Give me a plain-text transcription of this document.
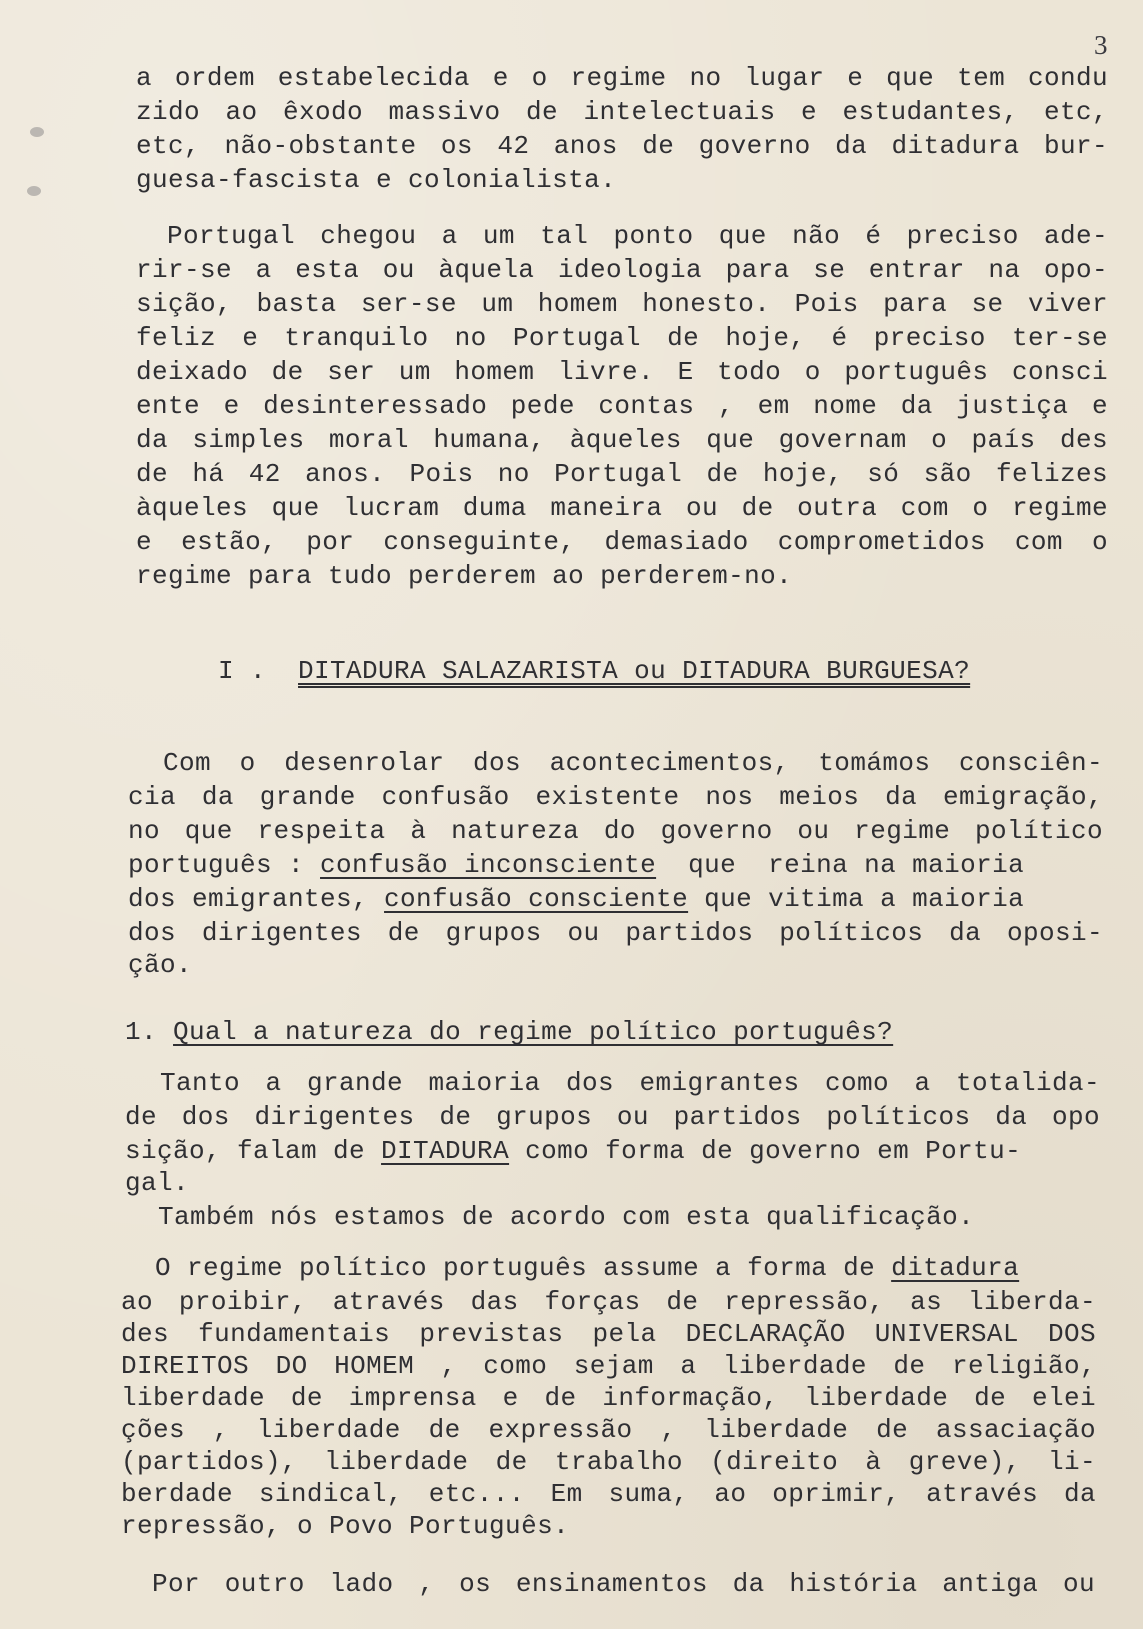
3
a ordem estabelecida e o regime no lugar e que tem condu
zido ao êxodo massivo de intelectuais e estudantes, etc,
etc, não-obstante os 42 anos de governo da ditadura bur-
guesa-fascista e colonialista.
Portugal chegou a um tal ponto que não é preciso ade-
rir-se a esta ou àquela ideologia para se entrar na opo-
sição, basta ser-se um homem honesto. Pois para se viver
feliz e tranquilo no Portugal de hoje, é preciso ter-se
deixado de ser um homem livre. E todo o português consci
ente e desinteressado pede contas , em nome da justiça e
da simples moral humana, àqueles que governam o país des
de há 42 anos. Pois no Portugal de hoje, só são felizes
àqueles que lucram duma maneira ou de outra com o regime
e estão, por conseguinte, demasiado comprometidos com o
regime para tudo perderem ao perderem-no.
I . DITADURA SALAZARISTA ou DITADURA BURGUESA?
Com o desenrolar dos acontecimentos, tomámos consciên-
cia da grande confusão existente nos meios da emigração,
no que respeita à natureza do governo ou regime político
português : confusão inconsciente  que  reina na maioria
dos emigrantes, confusão consciente que vitima a maioria
dos dirigentes de grupos ou partidos políticos da oposi-
ção.
1. Qual a natureza do regime político português?
Tanto a grande maioria dos emigrantes como a totalida-
de dos dirigentes de grupos ou partidos políticos da opo
sição, falam de DITADURA como forma de governo em Portu-
gal.
Também nós estamos de acordo com esta qualificação.
O regime político português assume a forma de ditadura
ao proibir, através das forças de repressão, as liberda-
des fundamentais previstas pela DECLARAÇÃO UNIVERSAL DOS
DIREITOS DO HOMEM , como sejam a liberdade de religião,
liberdade de imprensa e de informação, liberdade de elei
ções , liberdade de expressão , liberdade de assaciação
(partidos), liberdade de trabalho (direito à greve), li-
berdade sindical, etc... Em suma, ao oprimir, através da
repressão, o Povo Português.
Por outro lado , os ensinamentos da história antiga ou
